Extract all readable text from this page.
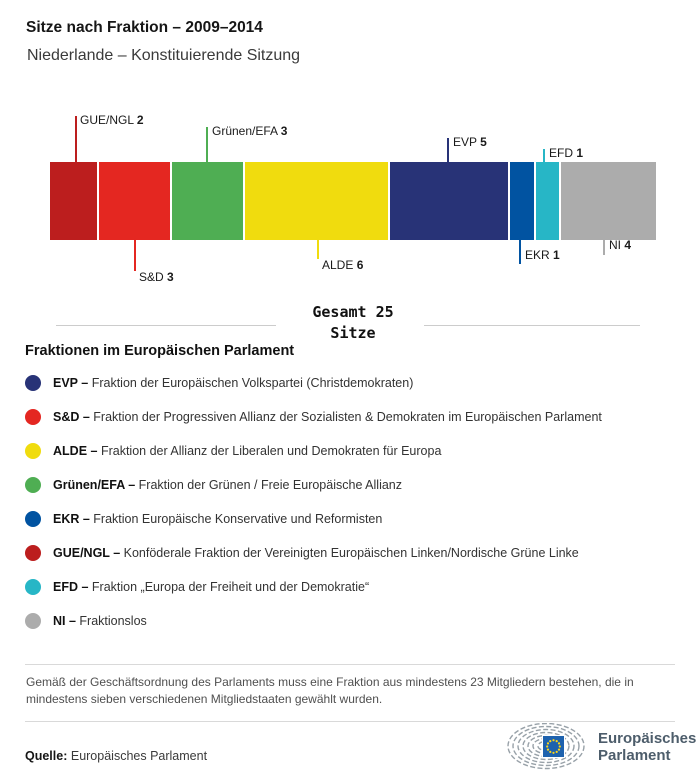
Sitze nach Fraktion – 2009–2014
Niederlande – Konstituierende Sitzung
GUE/NGL 2
S&D 3
Grünen/EFA 3
ALDE 6
EVP 5
EKR 1
EFD 1
NI 4
Gesamt 25
Sitze
Fraktionen im Europäischen Parlament
EVP – Fraktion der Europäischen Volkspartei (Christdemokraten)
S&D – Fraktion der Progressiven Allianz der Sozialisten & Demokraten im Europäischen Parlament
ALDE – Fraktion der Allianz der Liberalen und Demokraten für Europa
Grünen/EFA – Fraktion der Grünen / Freie Europäische Allianz
EKR – Fraktion Europäische Konservative und Reformisten
GUE/NGL – Konföderale Fraktion der Vereinigten Europäischen Linken/Nordische Grüne Linke
EFD – Fraktion „Europa der Freiheit und der Demokratie“
NI – Fraktionslos
Gemäß der Geschäftsordnung des Parlaments muss eine Fraktion aus mindestens 23 Mitgliedern bestehen, die in mindestens sieben verschiedenen Mitgliedstaaten gewählt wurden.
Quelle: Europäisches Parlament
Europäisches
Parlament
